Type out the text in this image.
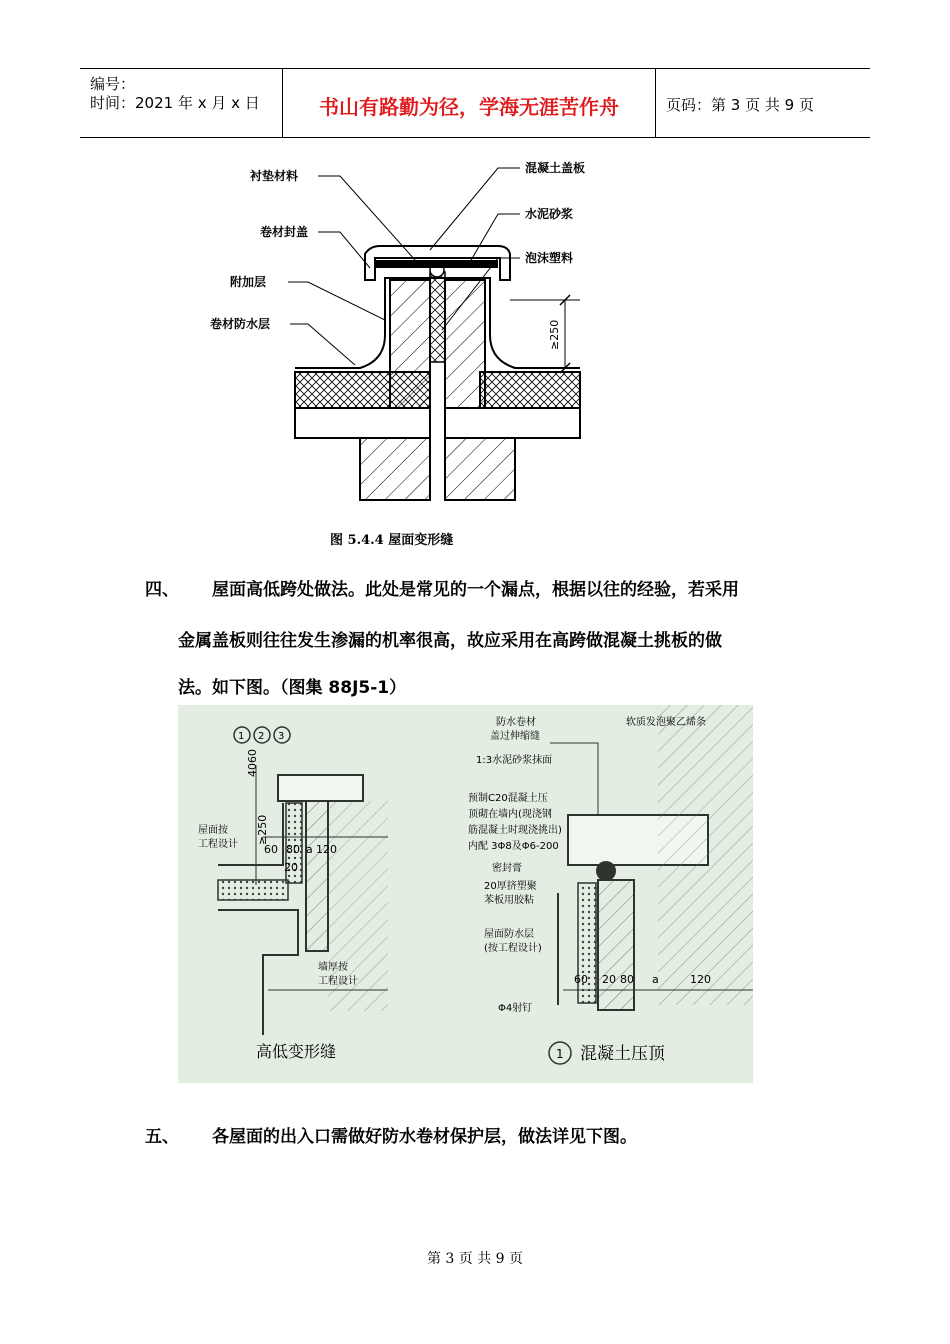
编号：
时间：2021 年 x 月 x 日	书山有路勤为径，学海无涯苦作舟	页码：第 3 页 共 9 页
≥250
衬垫材料
卷材封盖
附加层
卷材防水层
混凝土盖板
水泥砂浆
泡沫塑料
图 5.4.4 屋面变形缝
四、 屋面高低跨处做法。此处是常见的一个漏点，根据以往的经验，若采用
金属盖板则往往发生渗漏的机率很高，故应采用在高跨做混凝土挑板的做
法。如下图。（图集 88J5-1）
1 2 3
4060
≥250
60 80 a 120
20
屋面按
工程设计
墙厚按
工程设计
高低变形缝
防水卷材
盖过伸缩缝
1:3水泥砂浆抹面
预制C20混凝土压
顶砌在墙内(现浇钢
筋混凝土时现浇挑出)
内配 3Φ8及Φ6-200
密封膏
20厚挤塑聚
苯板用胶粘
屋面防水层
(按工程设计)
Φ4射钉
软质发泡聚乙烯条
60 20 80 a	120
1 混凝土压顶
五、 各屋面的出入口需做好防水卷材保护层，做法详见下图。
第 3 页 共 9 页
